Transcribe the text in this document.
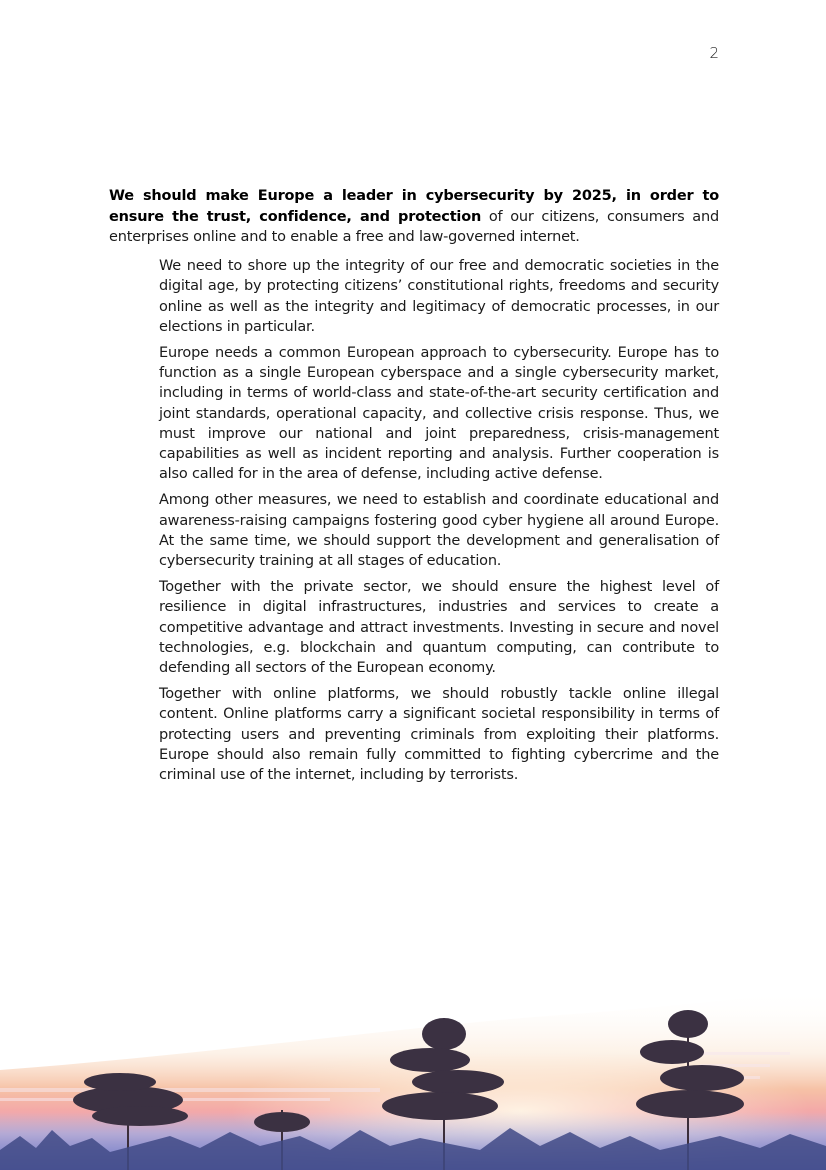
2

We should make Europe a leader in cybersecurity by 2025, in order to ensure the trust, confidence, and protection of our citizens, consumers and enterprises online and to enable a free and law-governed internet.

We need to shore up the integrity of our free and democratic societies in the digital age, by protecting citizens’ constitutional rights, freedoms and security online as well as the integrity and legitimacy of democratic processes, in our elections in particular.
Europe needs a common European approach to cybersecurity. Europe has to function as a single European cyberspace and a single cybersecurity market, including in terms of world-class and state-of-the-art security certification and joint standards, operational capacity, and collective crisis response. Thus, we must improve our national and joint preparedness, crisis-management capabilities as well as incident reporting and analysis. Further cooperation is also called for in the area of defense, including active defense.
Among other measures, we need to establish and coordinate educational and awareness-raising campaigns fostering good cyber hygiene all around Europe. At the same time, we should support the development and generalisation of cybersecurity training at all stages of education.
Together with the private sector, we should ensure the highest level of resilience in digital infrastructures, industries and services to create a competitive advantage and attract investments. Investing in secure and novel technologies, e.g. blockchain and quantum computing, can contribute to defending all sectors of the European economy.
Together with online platforms, we should robustly tackle online illegal content. Online platforms carry a significant societal responsibility in terms of protecting users and preventing criminals from exploiting their platforms. Europe should also remain fully committed to fighting cybercrime and the criminal use of the internet, including by terrorists.
